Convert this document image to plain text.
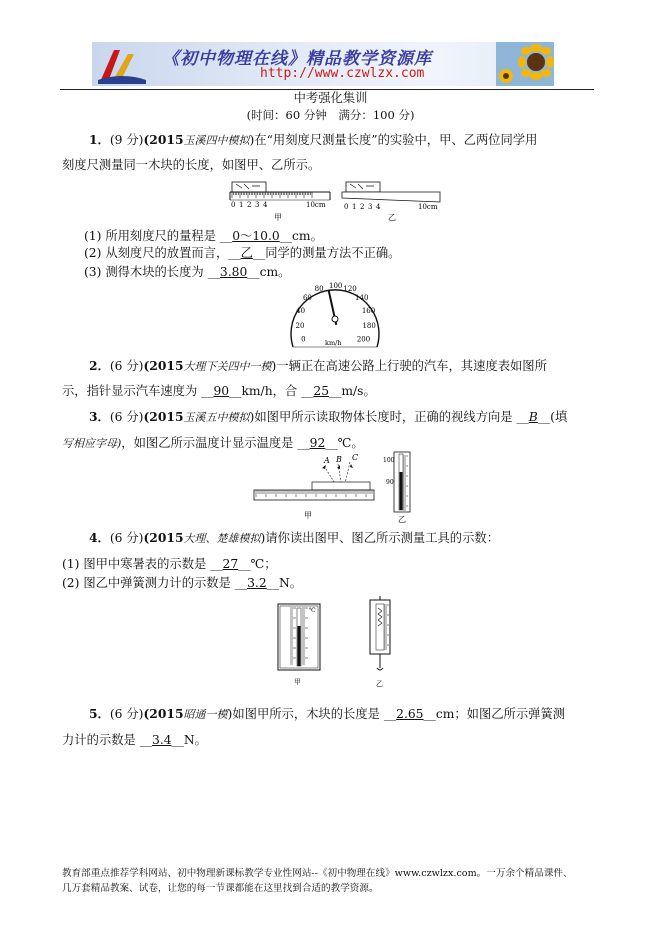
《初中物理在线》精品教学资源库
http://www.czwlzx.com
中考强化集训
(时间：60 分钟　满分：100 分)
1．(9 分)(2015玉溪四中模拟)在“用刻度尺测量长度”的实验中，甲、乙两位同学用
刻度尺测量同一木块的长度，如图甲、乙所示。
0 1 2 3 4	10cm
甲
0 1 2 3 4	10cm
乙
(1) 所用刻度尺的量程是 __0～10.0__cm。
(2) 从刻度尺的放置而言，__乙__同学的测量方法不正确。
(3) 测得木块的长度为 __3.80__cm。
0
20
40
60
80 100 120
140
160
180
200
km/h
2．(6 分)(2015大理下关四中一模)一辆正在高速公路上行驶的汽车，其速度表如图所
示，指针显示汽车速度为 __90__km/h，合 __25__m/s。
3．(6 分)(2015玉溪五中模拟)如图甲所示读取物体长度时，正确的视线方向是 __B__(填
写相应字母)，如图乙所示温度计显示温度是 __92__℃。
A B C
甲
100
90
乙
4．(6 分)(2015大理、楚雄模拟)请你读出图甲、图乙所示测量工具的示数：
(1) 图甲中寒暑表的示数是 __27__℃；
(2) 图乙中弹簧测力计的示数是 __3.2__N。
℃
甲	乙
5．(6 分)(2015昭通一模)如图甲所示，木块的长度是 __2.65__cm；如图乙所示弹簧测
力计的示数是 __3.4__N。
教育部重点推荐学科网站、初中物理新课标教学专业性网站--《初中物理在线》www.czwlzx.com。一万余个精品课件、
几万套精品教案、试卷，让您的每一节课都能在这里找到合适的教学资源。
